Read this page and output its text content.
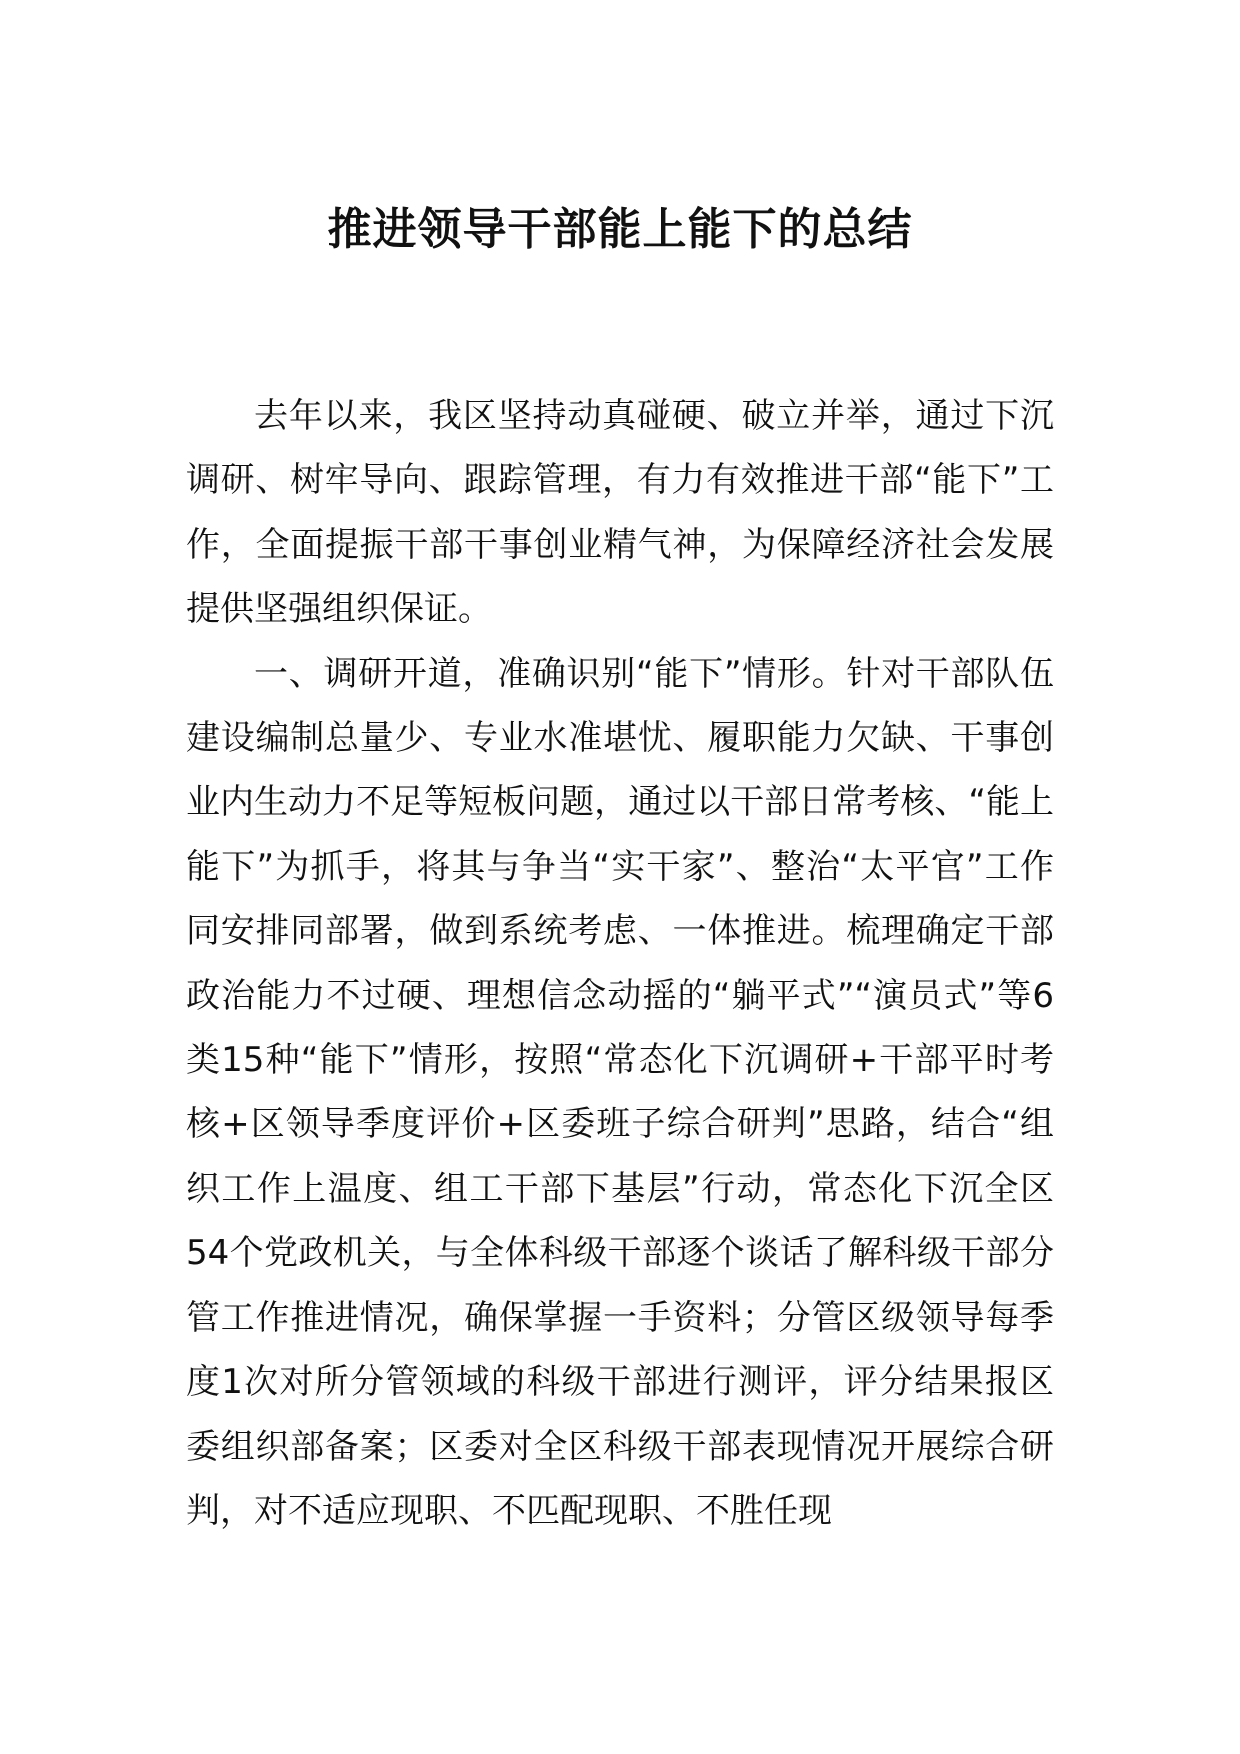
推进领导干部能上能下的总结

去年以来，我区坚持动真碰硬、破立并举，通过下沉调研、树牢导向、跟踪管理，有力有效推进干部“能下”工作，全面提振干部干事创业精气神，为保障经济社会发展提供坚强组织保证。

一、调研开道，准确识别“能下”情形。针对干部队伍建设编制总量少、专业水准堪忧、履职能力欠缺、干事创业内生动力不足等短板问题，通过以干部日常考核、“能上能下”为抓手，将其与争当“实干家”、整治“太平官”工作同安排同部署，做到系统考虑、一体推进。梳理确定干部政治能力不过硬、理想信念动摇的“躺平式”“演员式”等6类15种“能下”情形，按照“常态化下沉调研+干部平时考核+区领导季度评价+区委班子综合研判”思路，结合“组织工作上温度、组工干部下基层”行动，常态化下沉全区54个党政机关，与全体科级干部逐个谈话了解科级干部分管工作推进情况，确保掌握一手资料；分管区级领导每季度1次对所分管领域的科级干部进行测评，评分结果报区委组织部备案；区委对全区科级干部表现情况开展综合研判，对不适应现职、不匹配现职、不胜任现
